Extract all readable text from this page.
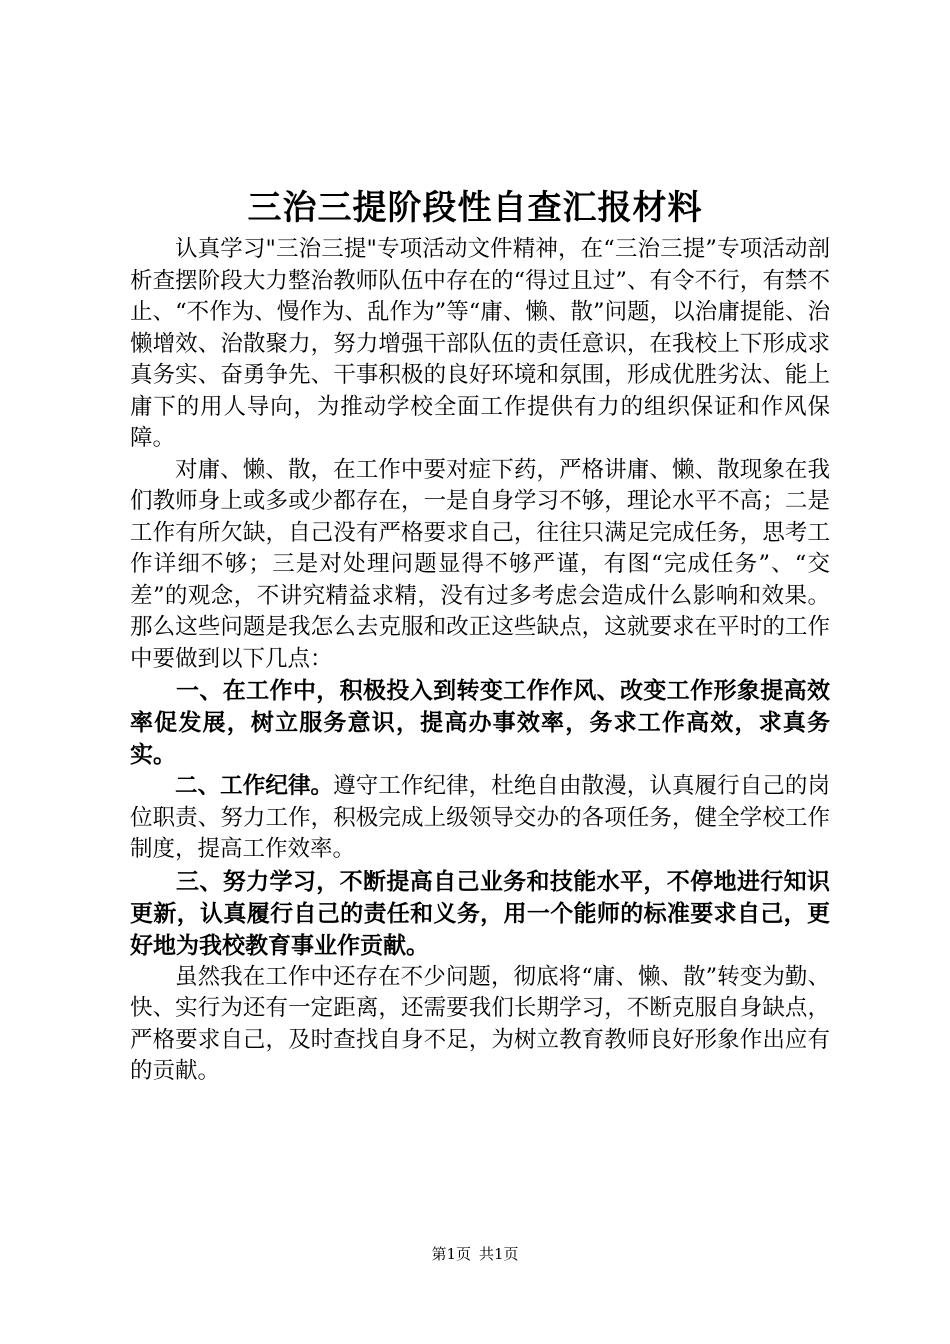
三治三提阶段性自查汇报材料

认真学习"三治三提"专项活动文件精神，在“三治三提”专项活动剖析查摆阶段大力整治教师队伍中存在的“得过且过”、有令不行，有禁不止、“不作为、慢作为、乱作为”等“庸、懒、散”问题，以治庸提能、治懒增效、治散聚力，努力增强干部队伍的责任意识，在我校上下形成求真务实、奋勇争先、干事积极的良好环境和氛围，形成优胜劣汰、能上庸下的用人导向，为推动学校全面工作提供有力的组织保证和作风保障。

对庸、懒、散，在工作中要对症下药，严格讲庸、懒、散现象在我们教师身上或多或少都存在，一是自身学习不够，理论水平不高；二是工作有所欠缺，自己没有严格要求自己，往往只满足完成任务，思考工作详细不够；三是对处理问题显得不够严谨，有图“完成任务”、“交差”的观念，不讲究精益求精，没有过多考虑会造成什么影响和效果。那么这些问题是我怎么去克服和改正这些缺点，这就要求在平时的工作中要做到以下几点：

一、在工作中，积极投入到转变工作作风、改变工作形象提高效率促发展，树立服务意识，提高办事效率，务求工作高效，求真务实。

二、工作纪律。遵守工作纪律，杜绝自由散漫，认真履行自己的岗位职责、努力工作，积极完成上级领导交办的各项任务，健全学校工作制度，提高工作效率。

三、努力学习，不断提高自己业务和技能水平，不停地进行知识更新，认真履行自己的责任和义务，用一个能师的标准要求自己，更好地为我校教育事业作贡献。

虽然我在工作中还存在不少问题，彻底将“庸、懒、散”转变为勤、快、实行为还有一定距离，还需要我们长期学习，不断克服自身缺点，严格要求自己，及时查找自身不足，为树立教育教师良好形象作出应有的贡献。

第1页 共1页
